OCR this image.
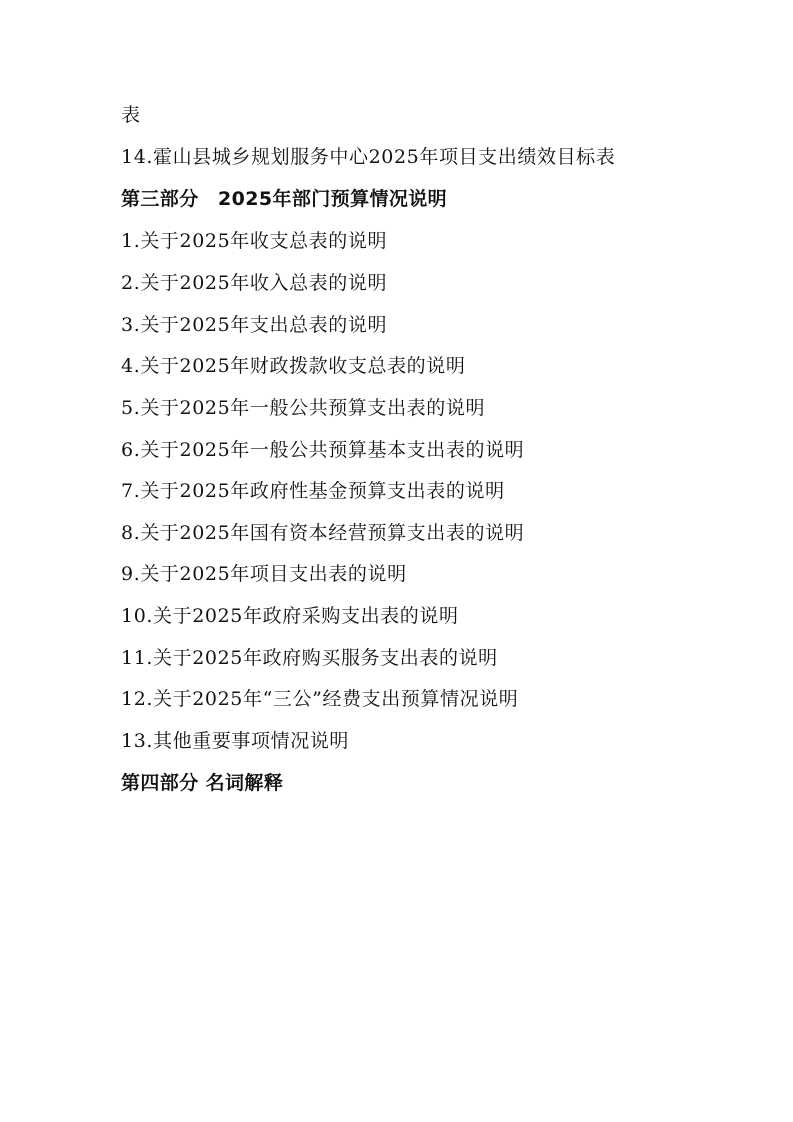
表
14.霍山县城乡规划服务中心2025年项目支出绩效目标表
第三部分　2025年部门预算情况说明
1.关于2025年收支总表的说明
2.关于2025年收入总表的说明
3.关于2025年支出总表的说明
4.关于2025年财政拨款收支总表的说明
5.关于2025年一般公共预算支出表的说明
6.关于2025年一般公共预算基本支出表的说明
7.关于2025年政府性基金预算支出表的说明
8.关于2025年国有资本经营预算支出表的说明
9.关于2025年项目支出表的说明
10.关于2025年政府采购支出表的说明
11.关于2025年政府购买服务支出表的说明
12.关于2025年“三公”经费支出预算情况说明
13.其他重要事项情况说明
第四部分 名词解释
